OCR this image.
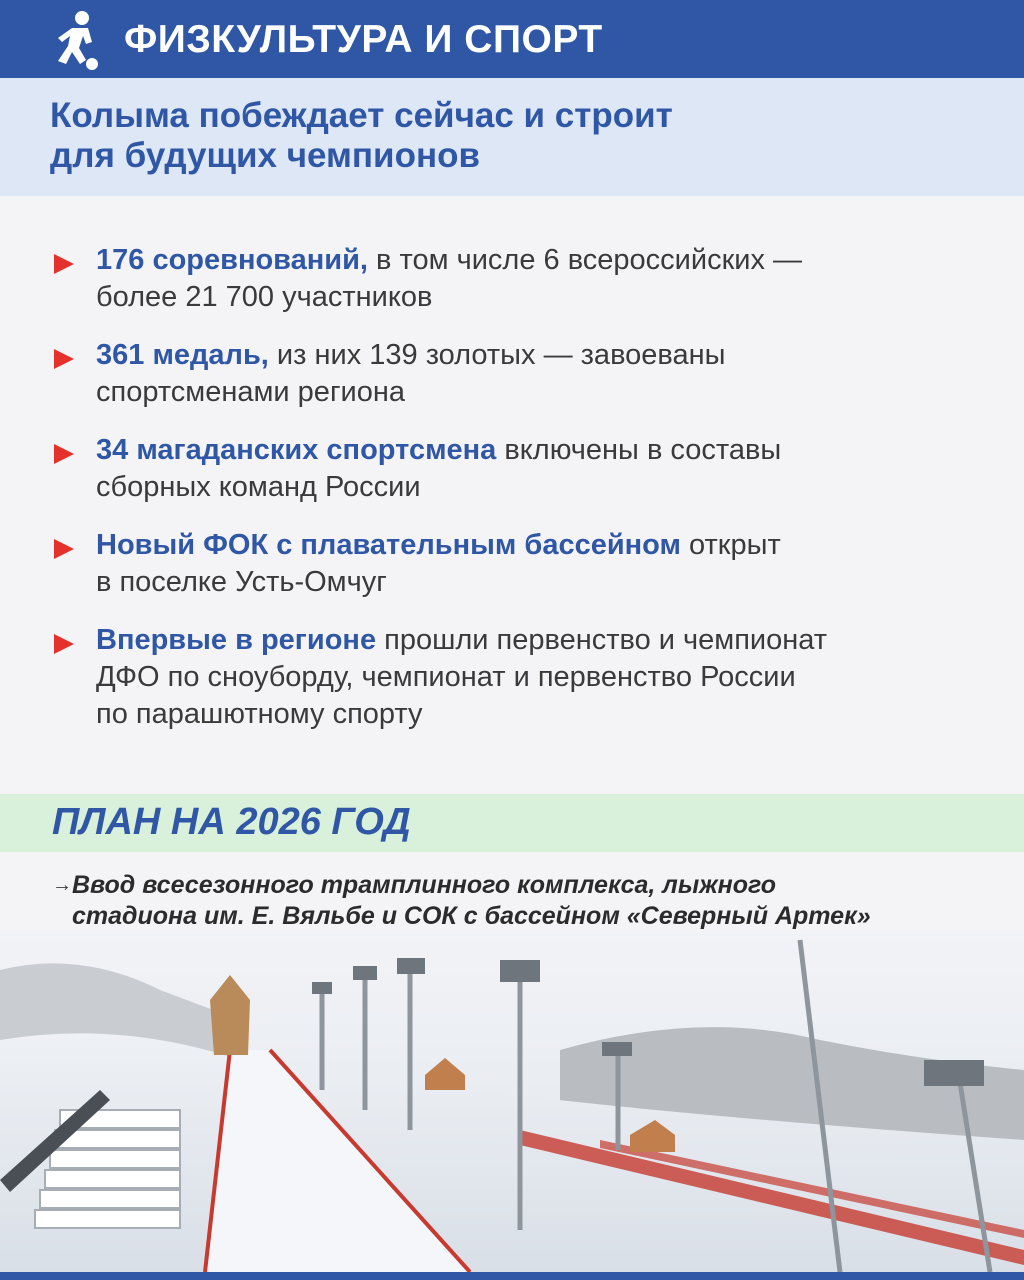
ФИЗКУЛЬТУРА И СПОРТ
Колыма побеждает сейчас и строит
для будущих чемпионов
176 соревнований, в том числе 6 всероссийских —
более 21 700 участников
361 медаль, из них 139 золотых — завоеваны
спортсменами региона
34 магаданских спортсмена включены в составы
сборных команд России
Новый ФОК с плавательным бассейном открыт
в поселке Усть-Омчуг
Впервые в регионе прошли первенство и чемпионат
ДФО по сноуборду, чемпионат и первенство России
по парашютному спорту
ПЛАН НА 2026 ГОД
→ Ввод всесезонного трамплинного комплекса, лыжного
стадиона им. Е. Вяльбе и СОК с бассейном «Северный Артек»
